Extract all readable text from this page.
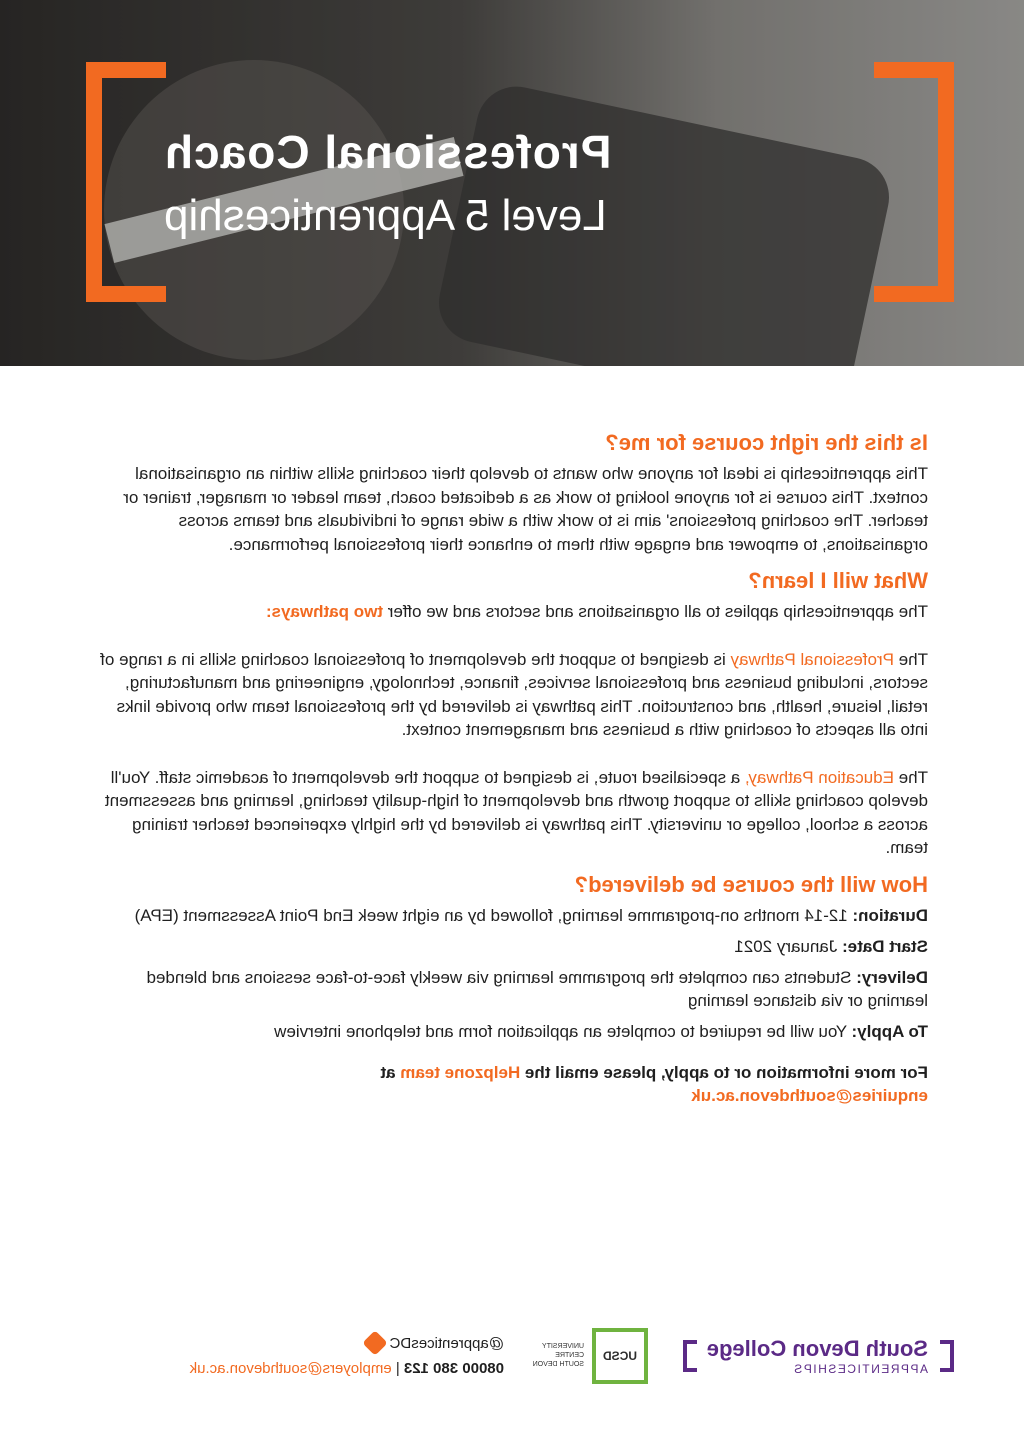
Professional Coach
Level 5 Apprenticeship
Is this the right course for me?

This apprenticeship is ideal for anyone who wants to develop their coaching skills within an organisational context. This course is for anyone looking to work as a dedicated coach, team leader or manager, trainer or teacher. The coaching professions' aim is to work with a wide range of individuals and teams across organisations, to empower and engage with them to enhance their professional performance.

What will I learn?

The apprenticeship applies to all organisations and sectors and we offer two pathways:

The Professional Pathway is designed to support the development of professional coaching skills in a range of sectors, including business and professional services, finance, technology, engineering and manufacturing, retail, leisure, health, and construction. This pathway is delivered by the professional team who provide links into all aspects of coaching with a business and management context.

The Education Pathway, a specialised route, is designed to support the development of academic staff. You'll develop coaching skills to support growth and development of high-quality teaching, learning and assessment across a school, college or university. This pathway is delivered by the highly experienced teacher training team.

How will the course be delivered?

Duration: 12-14 months on-programme learning, followed by an eight week End Point Assessment (EPA)

Start Date: January 2021

Delivery: Students can complete the programme learning via weekly face-to-face sessions and blended learning or via distance learning

To Apply: You will be required to complete an application form and telephone interview

For more information or to apply, please email the Helpzone team at
enquiries@southdevon.ac.uk
South Devon College
APPRENTICESHIPS
UCSD
UNIVERSITY
CENTRE
SOUTH DEVON
@apprenticesDC
08000 380 123 | employers@southdevon.ac.uk
